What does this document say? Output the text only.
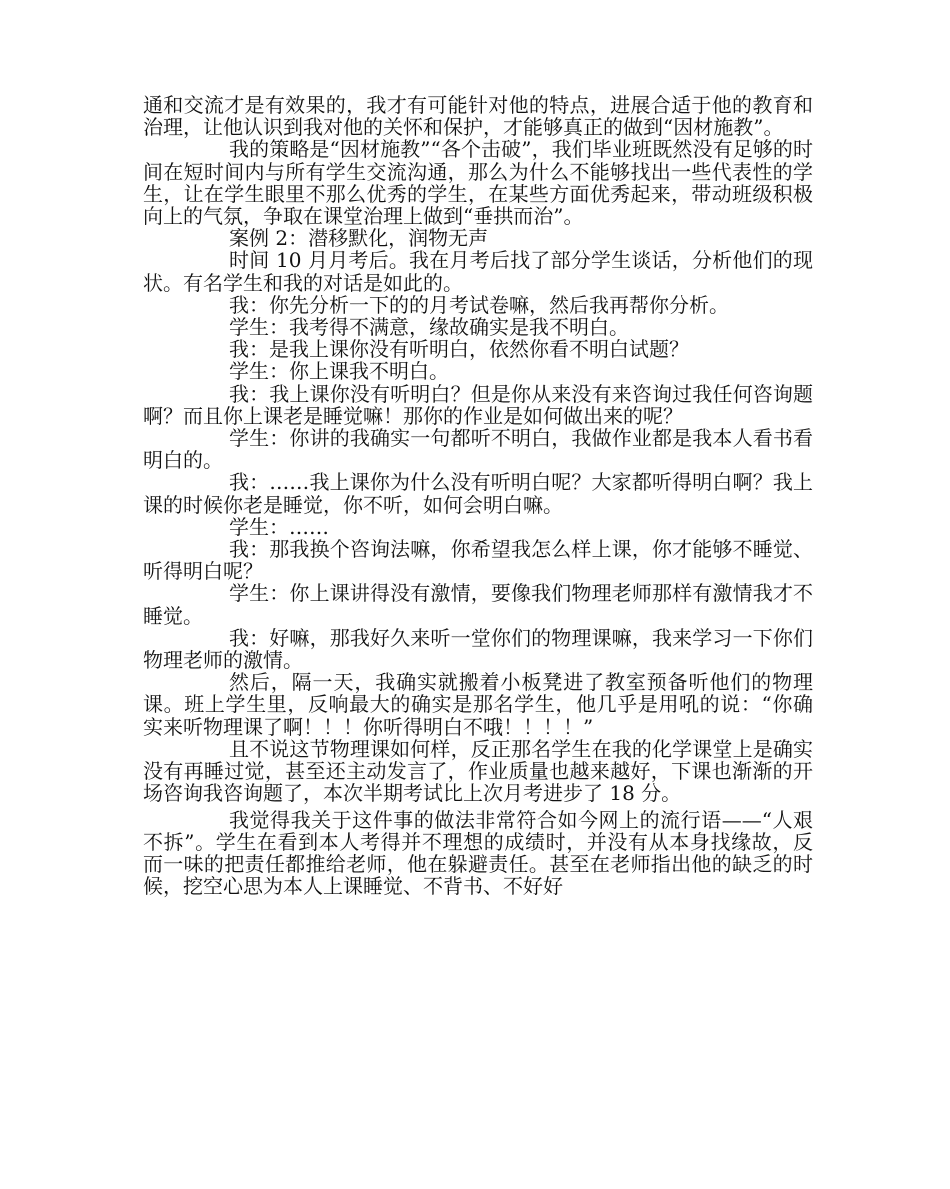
通和交流才是有效果的，我才有可能针对他的特点，进展合适于他的教育和治理，让他认识到我对他的关怀和保护，才能够真正的做到“因材施教”。

我的策略是“因材施教”“各个击破”，我们毕业班既然没有足够的时间在短时间内与所有学生交流沟通，那么为什么不能够找出一些代表性的学生，让在学生眼里不那么优秀的学生，在某些方面优秀起来，带动班级积极向上的气氛，争取在课堂治理上做到“垂拱而治”。

案例 2：潜移默化，润物无声

时间 10 月月考后。我在月考后找了部分学生谈话，分析他们的现状。有名学生和我的对话是如此的。

我：你先分析一下的的月考试卷嘛，然后我再帮你分析。

学生：我考得不满意，缘故确实是我不明白。

我：是我上课你没有听明白，依然你看不明白试题？

学生：你上课我不明白。

我：我上课你没有听明白？但是你从来没有来咨询过我任何咨询题啊？而且你上课老是睡觉嘛！那你的作业是如何做出来的呢？

学生：你讲的我确实一句都听不明白，我做作业都是我本人看书看明白的。

我：……我上课你为什么没有听明白呢？大家都听得明白啊？我上课的时候你老是睡觉，你不听，如何会明白嘛。

学生：……

我：那我换个咨询法嘛，你希望我怎么样上课，你才能够不睡觉、听得明白呢？

学生：你上课讲得没有激情，要像我们物理老师那样有激情我才不睡觉。

我：好嘛，那我好久来听一堂你们的物理课嘛，我来学习一下你们物理老师的激情。

然后，隔一天，我确实就搬着小板凳进了教室预备听他们的物理课。班上学生里，反响最大的确实是那名学生，他几乎是用吼的说：“你确实来听物理课了啊！！！你听得明白不哦！！！！”

且不说这节物理课如何样，反正那名学生在我的化学课堂上是确实没有再睡过觉，甚至还主动发言了，作业质量也越来越好，下课也渐渐的开场咨询我咨询题了，本次半期考试比上次月考进步了 18 分。

我觉得我关于这件事的做法非常符合如今网上的流行语——“人艰不拆”。学生在看到本人考得并不理想的成绩时，并没有从本身找缘故，反而一味的把责任都推给老师，他在躲避责任。甚至在老师指出他的缺乏的时候，挖空心思为本人上课睡觉、不背书、不好好
